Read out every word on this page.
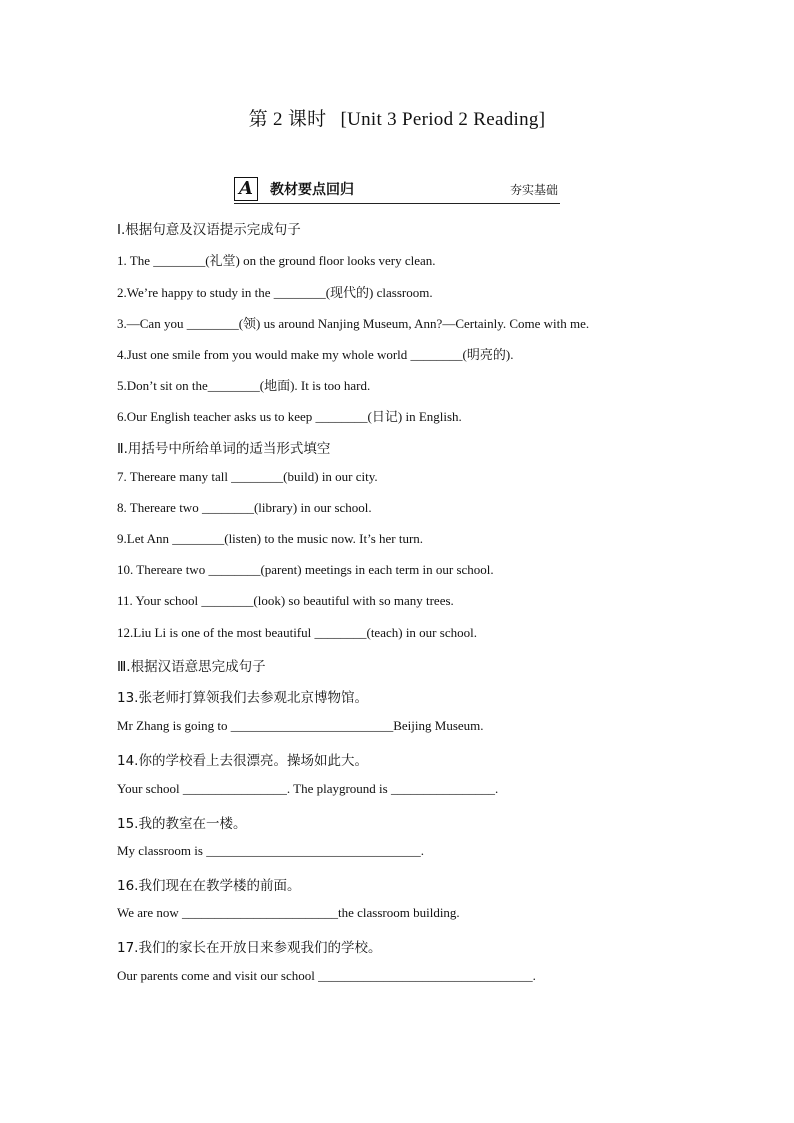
第 2 课时 [Unit 3 Period 2 Reading]
A	教材要点回归	夯实基础
Ⅰ.根据句意及汉语提示完成句子
1. The ________(礼堂) on the ground floor looks very clean.
2.We’re happy to study in the ________(现代的) classroom.
3.—Can you ________(领) us around Nanjing Museum, Ann?—Certainly. Come with me.
4.Just one smile from you would make my whole world ________(明亮的).
5.Don’t sit on the________(地面). It is too hard.
6.Our English teacher asks us to keep ________(日记) in English.
Ⅱ.用括号中所给单词的适当形式填空
7. Thereare many tall ________(build) in our city.
8. Thereare two ________(library) in our school.
9.Let Ann ________(listen) to the music now. It’s her turn.
10. Thereare two ________(parent) meetings in each term in our school.
11. Your school ________(look) so beautiful with so many trees.
12.Liu Li is one of the most beautiful ________(teach) in our school.
Ⅲ.根据汉语意思完成句子
13.张老师打算领我们去参观北京博物馆。
Mr Zhang is going to _________________________Beijing Museum.
14.你的学校看上去很漂亮。操场如此大。
Your school ________________. The playground is ________________.
15.我的教室在一楼。
My classroom is _________________________________.
16.我们现在在教学楼的前面。
We are now ________________________the classroom building.
17.我们的家长在开放日来参观我们的学校。
Our parents come and visit our school _________________________________.
